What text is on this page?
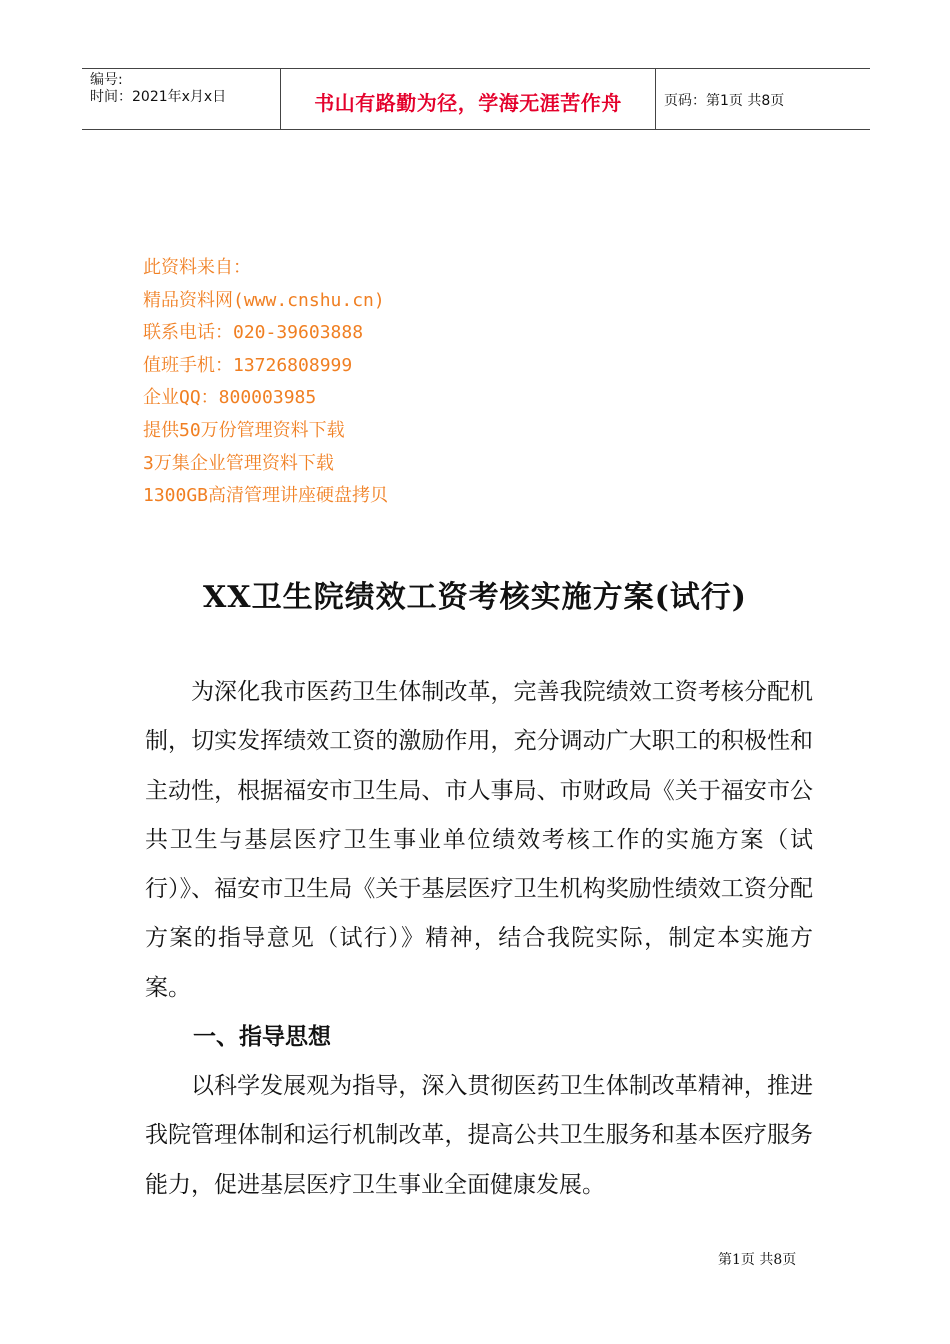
编号:
时间：2021年x月x日	书山有路勤为径，学海无涯苦作舟	页码：第1页 共8页
此资料来自：
精品资料网(www.cnshu.cn)
联系电话：020-39603888
值班手机：13726808999
企业QQ：800003985
提供50万份管理资料下载
3万集企业管理资料下载
1300GB高清管理讲座硬盘拷贝
XX卫生院绩效工资考核实施方案(试行)

为深化我市医药卫生体制改革，完善我院绩效工资考核分配机制，切实发挥绩效工资的激励作用，充分调动广大职工的积极性和主动性，根据福安市卫生局、市人事局、市财政局《关于福安市公共卫生与基层医疗卫生事业单位绩效考核工作的实施方案（试行）》、福安市卫生局《关于基层医疗卫生机构奖励性绩效工资分配方案的指导意见（试行）》精神，结合我院实际，制定本实施方案。

一、指导思想

以科学发展观为指导，深入贯彻医药卫生体制改革精神，推进我院管理体制和运行机制改革，提高公共卫生服务和基本医疗服务能力，促进基层医疗卫生事业全面健康发展。

第1页 共8页
